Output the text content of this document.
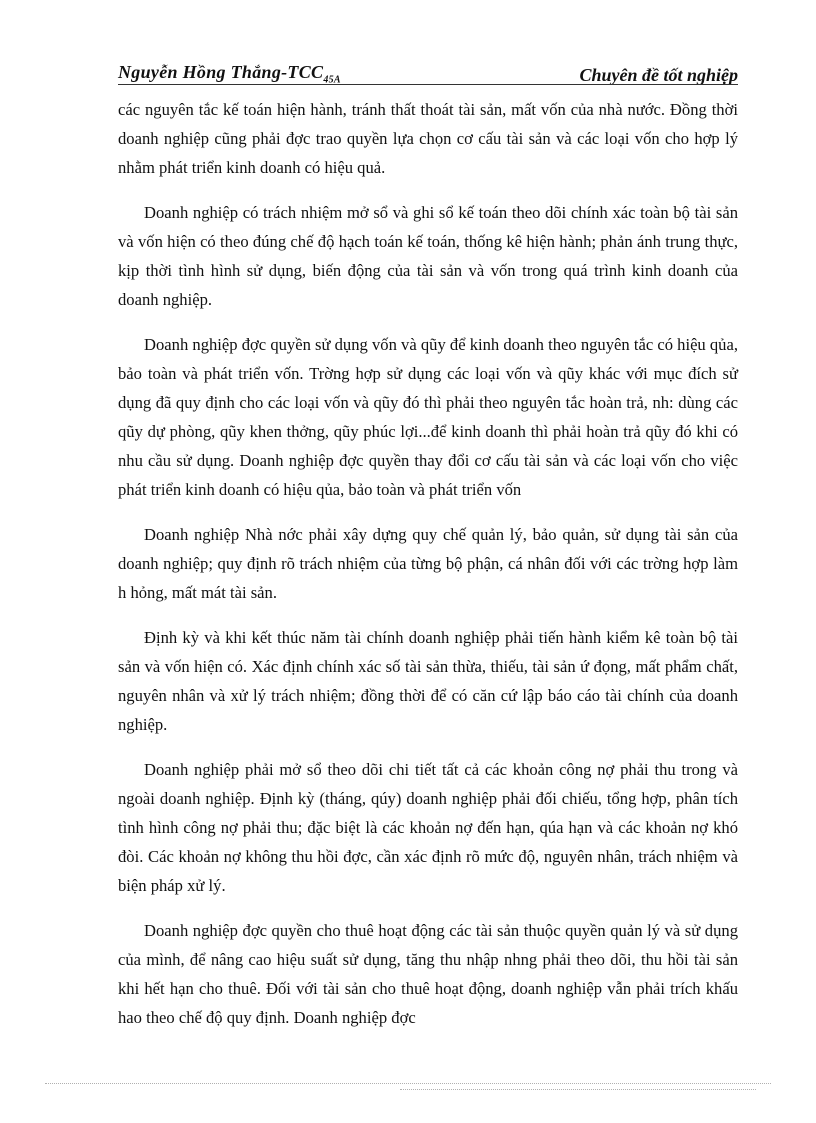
Nguyễn Hồng Thắng-$TCC_{45A}$	Chuyên đề tốt nghiệp

các nguyên tắc kế toán hiện hành, tránh thất thoát tài sản, mất vốn của nhà nước. Đồng thời doanh nghiệp cũng phải đợc trao quyền lựa chọn cơ cấu tài sản và các loại vốn cho hợp lý nhằm phát triển kinh doanh có hiệu quả.

Doanh nghiệp có trách nhiệm mở sổ và ghi sổ kế toán theo dõi chính xác toàn bộ tài sản và vốn hiện có theo đúng chế độ hạch toán kế toán, thống kê hiện hành; phản ánh trung thực, kịp thời tình hình sử dụng, biến động của tài sản và vốn trong quá trình kinh doanh của doanh nghiệp.

Doanh nghiệp đợc quyền sử dụng vốn và qũy để kinh doanh theo nguyên tắc có hiệu qủa, bảo toàn và phát triển vốn. Trờng hợp sử dụng các loại vốn và qũy khác với mục đích sử dụng đã quy định cho các loại vốn và qũy đó thì phải theo nguyên tắc hoàn trả, nh: dùng các qũy dự phòng, qũy khen thởng, qũy phúc lợi...để kinh doanh thì phải hoàn trả qũy đó khi có nhu cầu sử dụng. Doanh nghiệp đợc quyền thay đổi cơ cấu tài sản và các loại vốn cho việc phát triển kinh doanh có hiệu qủa, bảo toàn và phát triển vốn

Doanh nghiệp Nhà nớc phải xây dựng quy chế quản lý, bảo quản, sử dụng tài sản của doanh nghiệp; quy định rõ trách nhiệm của từng bộ phận, cá nhân đối với các trờng hợp làm h hỏng, mất mát tài sản.

Định kỳ và khi kết thúc năm tài chính doanh nghiệp phải tiến hành kiểm kê toàn bộ tài sản và vốn hiện có. Xác định chính xác số tài sản thừa, thiếu, tài sản ứ đọng, mất phẩm chất, nguyên nhân và xử lý trách nhiệm; đồng thời để có căn cứ lập báo cáo tài chính của doanh nghiệp.

Doanh nghiệp phải mở sổ theo dõi chi tiết tất cả các khoản công nợ phải thu trong và ngoài doanh nghiệp. Định kỳ (tháng, qúy) doanh nghiệp phải đối chiếu, tổng hợp, phân tích tình hình công nợ phải thu; đặc biệt là các khoản nợ đến hạn, qúa hạn và các khoản nợ khó đòi. Các khoản nợ không thu hồi đợc, cần xác định rõ mức độ, nguyên nhân, trách nhiệm và biện pháp xử lý.

Doanh nghiệp đợc quyền cho thuê hoạt động các tài sản thuộc quyền quản lý và sử dụng của mình, để nâng cao hiệu suất sử dụng, tăng thu nhập nhng phải theo dõi, thu hồi tài sản khi hết hạn cho thuê. Đối với tài sản cho thuê hoạt động, doanh nghiệp vẫn phải trích khấu hao theo chế độ quy định. Doanh nghiệp đợc
